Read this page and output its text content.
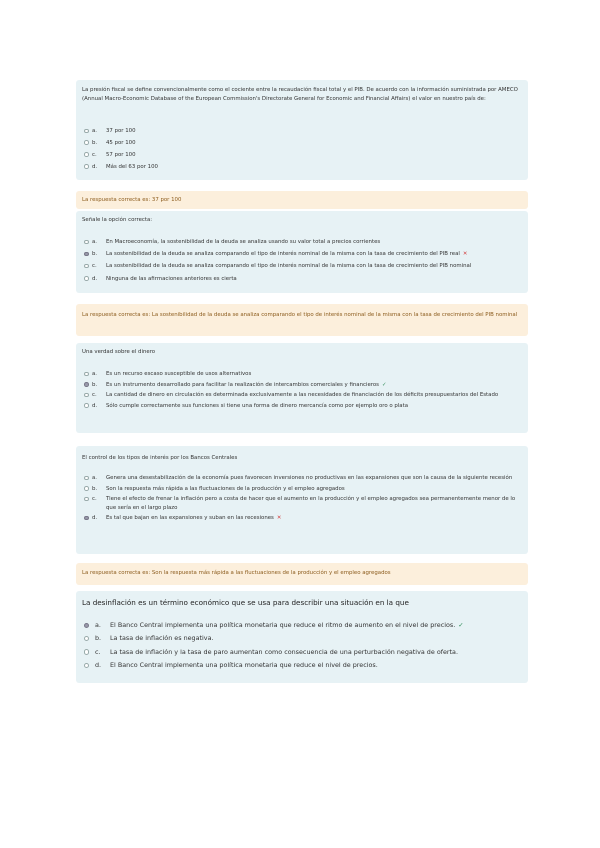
La presión fiscal se define convencionalmente como el cociente entre la recaudación fiscal total y el PIB. De acuerdo con la información suministrada por AMECO (Annual Macro-Economic Database of the European Commission's Directorate General for Economic and Financial Affairs) el valor en nuestro país de:
a. 37 por 100
b. 45 por 100
c. 57 por 100
d. Más del 63 por 100
La respuesta correcta es: 37 por 100
Señale la opción correcta:
a. En Macroeconomía, la sostenibilidad de la deuda se analiza usando su valor total a precios corrientes
b. La sostenibilidad de la deuda se analiza comparando el tipo de interés nominal de la misma con la tasa de crecimiento del PIB real ✕
c. La sostenibilidad de la deuda se analiza comparando el tipo de interés nominal de la misma con la tasa de crecimiento del PIB nominal
d. Ninguna de las afirmaciones anteriores es cierta
La respuesta correcta es: La sostenibilidad de la deuda se analiza comparando el tipo de interés nominal de la misma con la tasa de crecimiento del PIB nominal
Una verdad sobre el dinero
a. Es un recurso escaso susceptible de usos alternativos
b. Es un instrumento desarrollado para facilitar la realización de intercambios comerciales y financieros ✓
c. La cantidad de dinero en circulación es determinada exclusivamente a las necesidades de financiación de los déficits presupuestarios del Estado
d. Sólo cumple correctamente sus funciones si tiene una forma de dinero mercancía como por ejemplo oro o plata
El control de los tipos de interés por los Bancos Centrales
a. Genera una desestabilización de la economía pues favorecen inversiones no productivas en las expansiones que son la causa de la siguiente recesión
b. Son la respuesta más rápida a las fluctuaciones de la producción y el empleo agregados
c. Tiene el efecto de frenar la inflación pero a costa de hacer que el aumento en la producción y el empleo agregados sea permanentemente menor de lo que sería en el largo plazo
d. Es tal que bajan en las expansiones y suban en las recesiones ✕
La respuesta correcta es: Son la respuesta más rápida a las fluctuaciones de la producción y el empleo agregados
La desinflación es un término económico que se usa para describir una situación en la que
a. El Banco Central implementa una política monetaria que reduce el ritmo de aumento en el nivel de precios. ✓
b. La tasa de inflación es negativa.
c. La tasa de inflación y la tasa de paro aumentan como consecuencia de una perturbación negativa de oferta.
d. El Banco Central implementa una política monetaria que reduce el nivel de precios.
